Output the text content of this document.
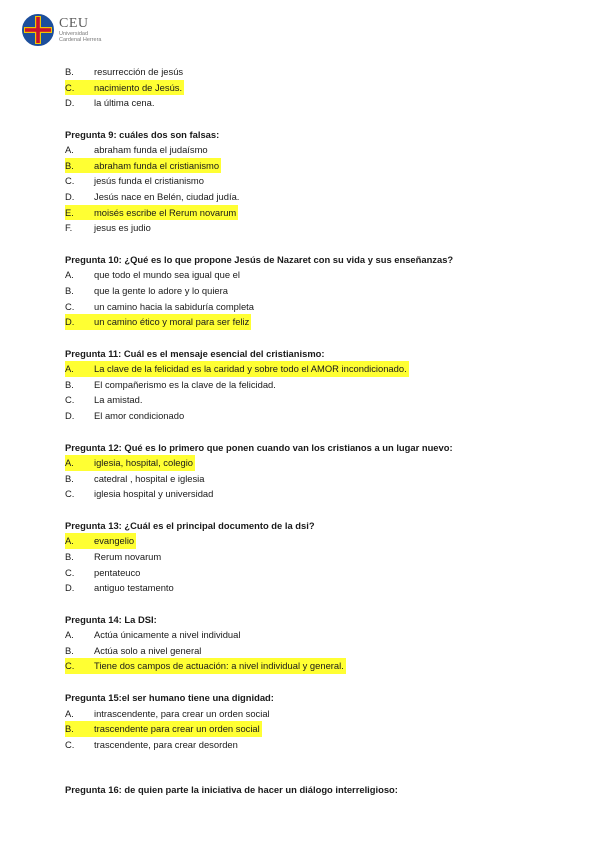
CEU
Universidad
Cardenal Herrera
B. resurrección de jesús
C. nacimiento de Jesús.
D. la última cena.
Pregunta 9: cuáles dos son falsas:
A. abraham funda el judaísmo
B. abraham funda el cristianismo
C. jesús funda el cristianismo
D. Jesús nace en Belén, ciudad judía.
E. moisés escribe el Rerum novarum
F. jesus es judio
Pregunta 10: ¿Qué es lo que propone Jesús de Nazaret con su vida y sus enseñanzas?
A. que todo el mundo sea igual que el
B. que la gente lo adore y lo quiera
C. un camino hacia la sabiduría completa
D. un camino ético y moral para ser feliz
Pregunta 11: Cuál es el mensaje esencial del cristianismo:
A. La clave de la felicidad es la caridad y sobre todo el AMOR incondicionado.
B. El compañerismo es la clave de la felicidad.
C. La amistad.
D. El amor condicionado
Pregunta 12: Qué es lo primero que ponen cuando van los cristianos a un lugar nuevo:
A. iglesia, hospital, colegio
B. catedral , hospital e iglesia
C. iglesia hospital y universidad
Pregunta 13: ¿Cuál es el principal documento de la dsi?
A. evangelio
B. Rerum novarum
C. pentateuco
D. antiguo testamento
Pregunta 14: La DSI:
A. Actúa únicamente a nivel individual
B. Actúa solo a nivel general
C. Tiene dos campos de actuación: a nivel individual y general.
Pregunta 15:el ser humano tiene una dignidad:
A. intrascendente, para crear un orden social
B. trascendente para crear un orden social
C. trascendente, para crear desorden
Pregunta 16: de quien parte la iniciativa de hacer un diálogo interreligioso:
